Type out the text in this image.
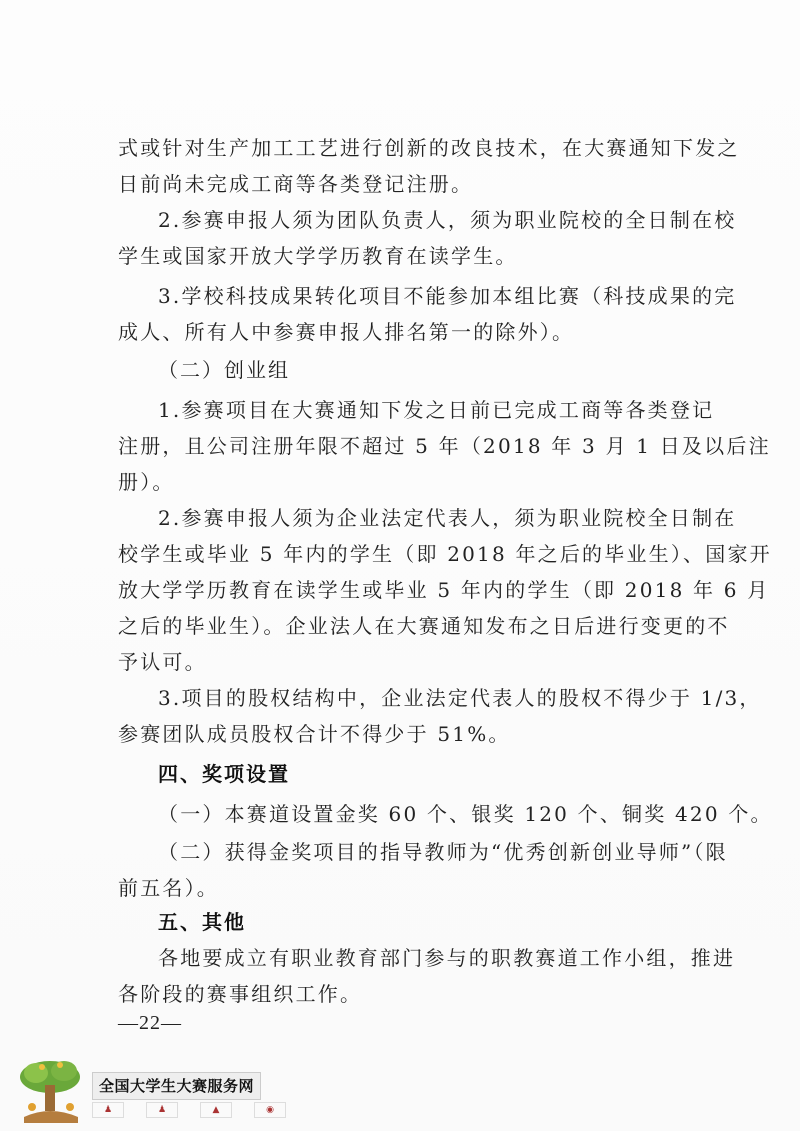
式或针对生产加工工艺进行创新的改良技术，在大赛通知下发之
日前尚未完成工商等各类登记注册。
2.参赛申报人须为团队负责人，须为职业院校的全日制在校
学生或国家开放大学学历教育在读学生。
3.学校科技成果转化项目不能参加本组比赛（科技成果的完
成人、所有人中参赛申报人排名第一的除外）。
（二）创业组
1.参赛项目在大赛通知下发之日前已完成工商等各类登记
注册，且公司注册年限不超过 5 年（2018 年 3 月 1 日及以后注
册）。
2.参赛申报人须为企业法定代表人，须为职业院校全日制在
校学生或毕业 5 年内的学生（即 2018 年之后的毕业生）、国家开
放大学学历教育在读学生或毕业 5 年内的学生（即 2018 年 6 月
之后的毕业生）。企业法人在大赛通知发布之日后进行变更的不
予认可。
3.项目的股权结构中，企业法定代表人的股权不得少于 1/3，
参赛团队成员股权合计不得少于 51%。
四、奖项设置
（一）本赛道设置金奖 60 个、银奖 120 个、铜奖 420 个。
（二）获得金奖项目的指导教师为“优秀创新创业导师”（限
前五名）。
五、其他
各地要成立有职业教育部门参与的职教赛道工作小组，推进
各阶段的赛事组织工作。
—22—
全国大学生大赛服务网
♟	♟	▲	◉
